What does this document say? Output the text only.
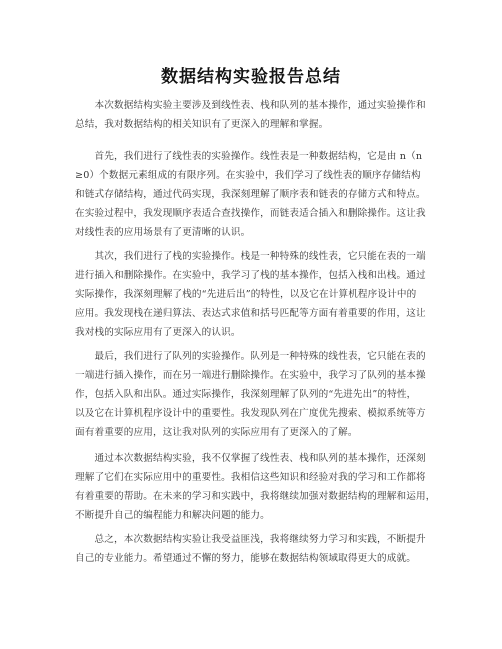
数据结构实验报告总结
　　本次数据结构实验主要涉及到线性表、栈和队列的基本操作，通过实验操作和
总结，我对数据结构的相关知识有了更深入的理解和掌握。
　　首先，我们进行了线性表的实验操作。线性表是一种数据结构，它是由 n（n
≥0）个数据元素组成的有限序列。在实验中，我们学习了线性表的顺序存储结构
和链式存储结构，通过代码实现，我深刻理解了顺序表和链表的存储方式和特点。
在实验过程中，我发现顺序表适合查找操作，而链表适合插入和删除操作。这让我
对线性表的应用场景有了更清晰的认识。
　　其次，我们进行了栈的实验操作。栈是一种特殊的线性表，它只能在表的一端
进行插入和删除操作。在实验中，我学习了栈的基本操作，包括入栈和出栈。通过
实际操作，我深刻理解了栈的“先进后出”的特性，以及它在计算机程序设计中的
应用。我发现栈在递归算法、表达式求值和括号匹配等方面有着重要的作用，这让
我对栈的实际应用有了更深入的认识。
　　最后，我们进行了队列的实验操作。队列是一种特殊的线性表，它只能在表的
一端进行插入操作，而在另一端进行删除操作。在实验中，我学习了队列的基本操
作，包括入队和出队。通过实际操作，我深刻理解了队列的“先进先出”的特性，
以及它在计算机程序设计中的重要性。我发现队列在广度优先搜索、模拟系统等方
面有着重要的应用，这让我对队列的实际应用有了更深入的了解。
　　通过本次数据结构实验，我不仅掌握了线性表、栈和队列的基本操作，还深刻
理解了它们在实际应用中的重要性。我相信这些知识和经验对我的学习和工作都将
有着重要的帮助。在未来的学习和实践中，我将继续加强对数据结构的理解和运用，
不断提升自己的编程能力和解决问题的能力。
　　总之，本次数据结构实验让我受益匪浅，我将继续努力学习和实践，不断提升
自己的专业能力。希望通过不懈的努力，能够在数据结构领域取得更大的成就。
